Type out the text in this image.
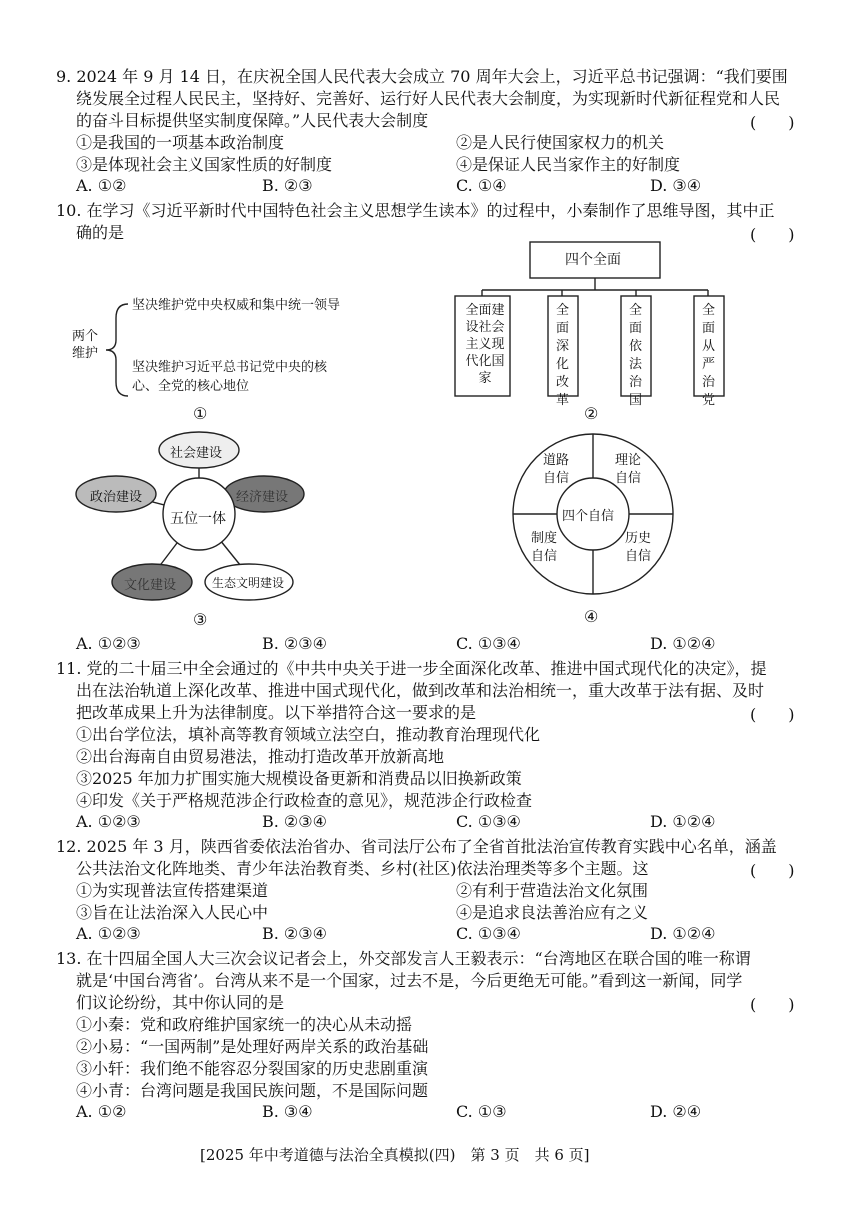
9. 2024 年 9 月 14 日，在庆祝全国人民代表大会成立 70 周年大会上，习近平总书记强调：“我们要围
绕发展全过程人民民主，坚持好、完善好、运行好人民代表大会制度，为实现新时代新征程党和人民
的奋斗目标提供坚实制度保障。”人民代表大会制度	(　　)
①是我国的一项基本政治制度	②是人民行使国家权力的机关
③是体现社会主义国家性质的好制度	④是保证人民当家作主的好制度
A. ①②	B. ②③	C. ①④	D. ③④
10. 在学习《习近平新时代中国特色社会主义思想学生读本》的过程中，小秦制作了思维导图，其中正
确的是	(　　)
两个维护
坚决维护党中央权威和集中统一领导
坚决维护习近平总书记党中央的核心、全党的核心地位
①
四个全面
全面建设社会主义现代化国家
全面深化改革
全面依法治国
全面从严治党
②
社会建设
经济建设
生态文明建设
文化建设
政治建设
五位一体
③
道路自信
理论自信
历史自信
制度自信
四个自信
④
A. ①②③	B. ②③④	C. ①③④	D. ①②④
11. 党的二十届三中全会通过的《中共中央关于进一步全面深化改革、推进中国式现代化的决定》，提
出在法治轨道上深化改革、推进中国式现代化，做到改革和法治相统一，重大改革于法有据、及时
把改革成果上升为法律制度。以下举措符合这一要求的是	(　　)
①出台学位法，填补高等教育领域立法空白，推动教育治理现代化
②出台海南自由贸易港法，推动打造改革开放新高地
③2025 年加力扩围实施大规模设备更新和消费品以旧换新政策
④印发《关于严格规范涉企行政检查的意见》，规范涉企行政检查
A. ①②③	B. ②③④	C. ①③④	D. ①②④
12. 2025 年 3 月，陕西省委依法治省办、省司法厅公布了全省首批法治宣传教育实践中心名单，涵盖
公共法治文化阵地类、青少年法治教育类、乡村(社区)依法治理类等多个主题。这	(　　)
①为实现普法宣传搭建渠道	②有利于营造法治文化氛围
③旨在让法治深入人民心中	④是追求良法善治应有之义
A. ①②③	B. ②③④	C. ①③④	D. ①②④
13. 在十四届全国人大三次会议记者会上，外交部发言人王毅表示：“台湾地区在联合国的唯一称谓
就是‘中国台湾省’。台湾从来不是一个国家，过去不是，今后更绝无可能。”看到这一新闻，同学
们议论纷纷，其中你认同的是	(　　)
①小秦：党和政府维护国家统一的决心从未动摇
②小易：“一国两制”是处理好两岸关系的政治基础
③小轩：我们绝不能容忍分裂国家的历史悲剧重演
④小青：台湾问题是我国民族问题，不是国际问题
A. ①②	B. ③④	C. ①③	D. ②④
[2025 年中考道德与法治全真模拟(四)　第 3 页　共 6 页]
